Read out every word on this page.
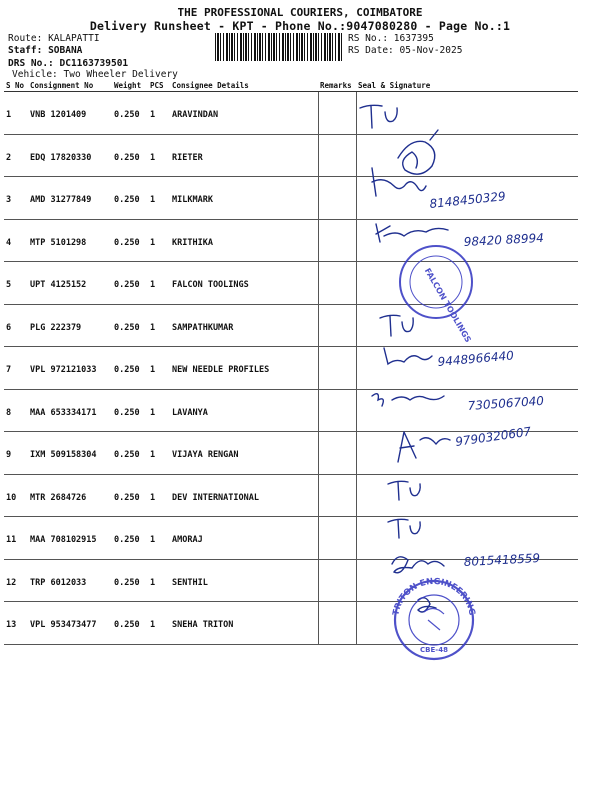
THE PROFESSIONAL COURIERS, COIMBATORE
Delivery Runsheet - KPT - Phone No.:9047080280 - Page No.:1
Route: KALAPATTI
Staff: SOBANA
DRS No.: DC1163739501
Vehicle: Two Wheeler Delivery
RS No.: 1637395
RS Date: 05-Nov-2025
S No	Consignment No	Weight	PCS	Consignee Details	Remarks	Seal & Signature
1	VNB 1201409	0.250	1	ARAVINDAN		
2	EDQ 17820330	0.250	1	RIETER		
3	AMD 31277849	0.250	1	MILKMARK		
4	MTP 5101298	0.250	1	KRITHIKA		
5	UPT 4125152	0.250	1	FALCON TOOLINGS		
6	PLG 222379	0.250	1	SAMPATHKUMAR		
7	VPL 972121033	0.250	1	NEW NEEDLE PROFILES		
8	MAA 653334171	0.250	1	LAVANYA		
9	IXM 509158304	0.250	1	VIJAYA RENGAN		
10	MTR 2684726	0.250	1	DEV INTERNATIONAL		
11	MAA 708102915	0.250	1	AMORAJ		
12	TRP 6012033	0.250	1	SENTHIL		
13	VPL 953473477	0.250	1	SNEHA TRITON		
8148450329
98420 88994
9448966440
7305067040
9790320607
8015418559
FALCON TOOLINGS
TRITON ENGINEERING
CBE-48
